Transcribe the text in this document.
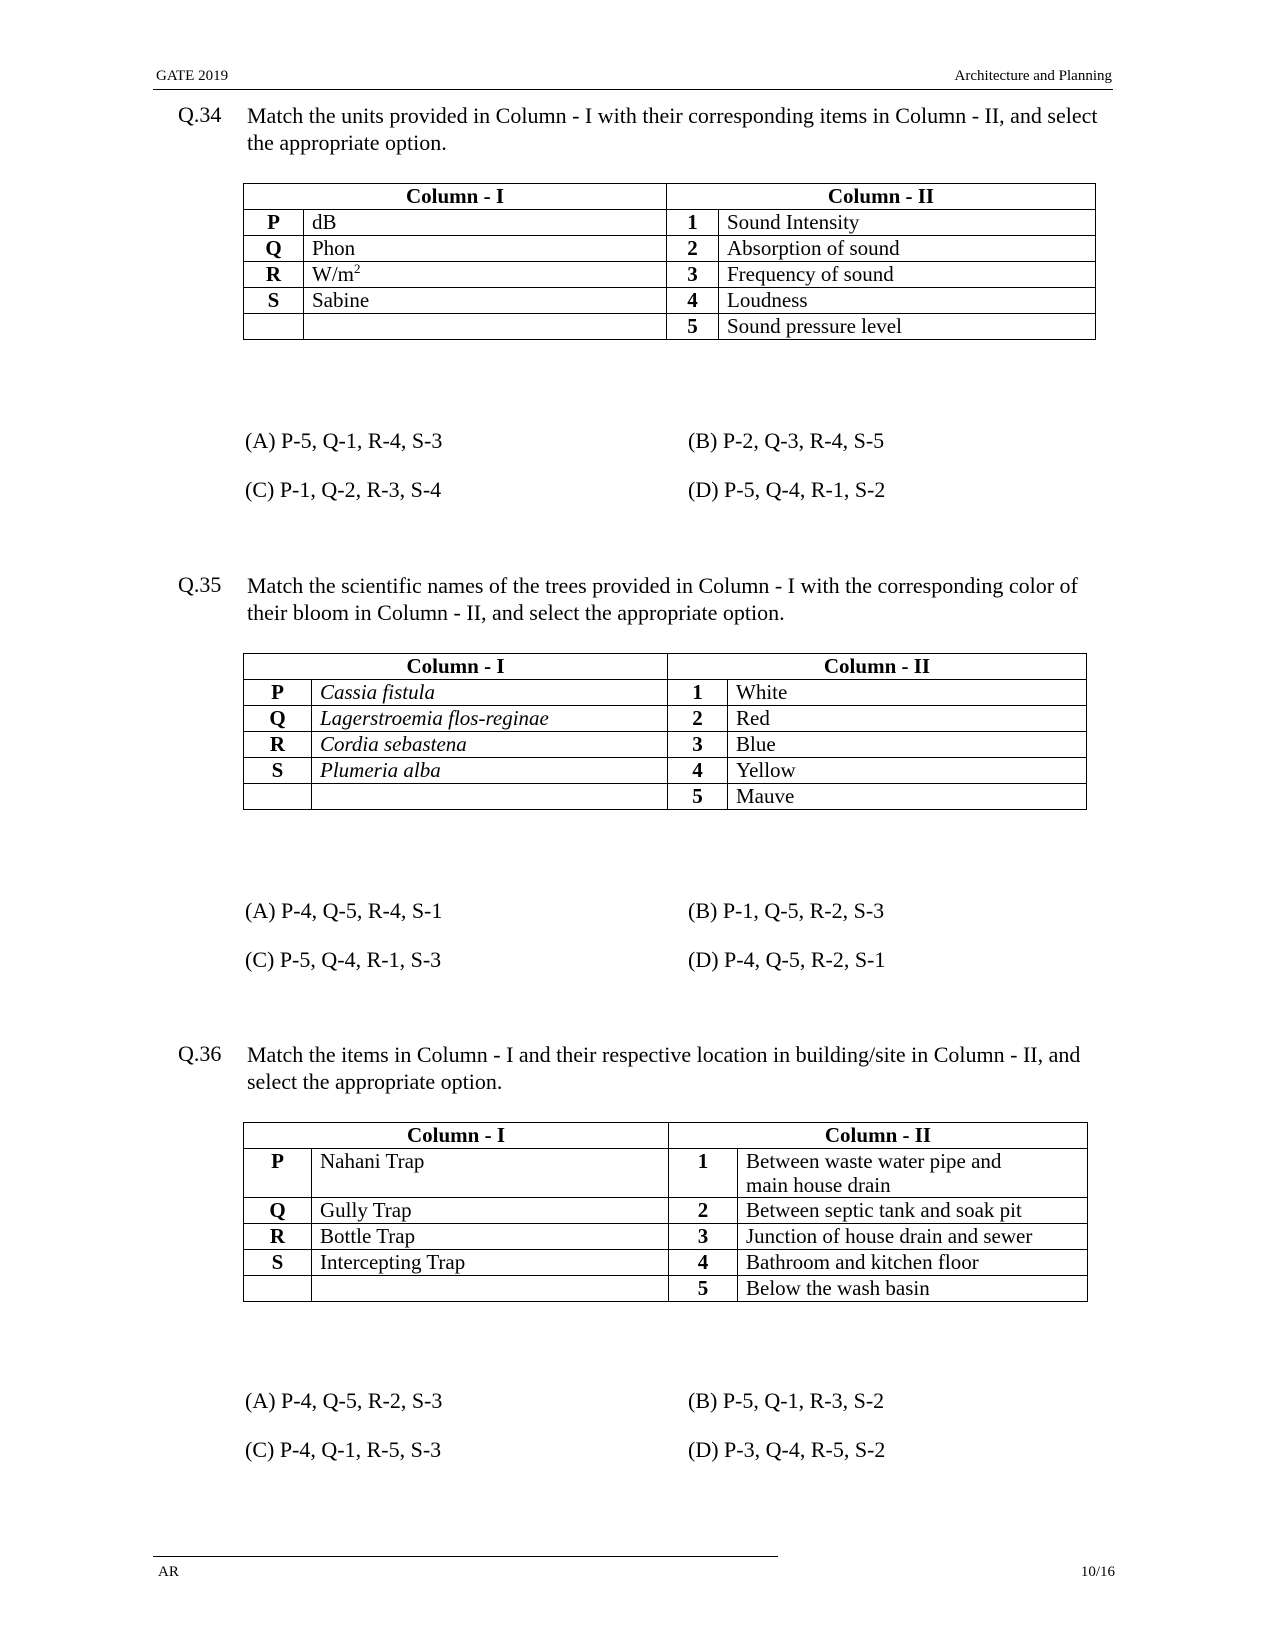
GATE 2019	Architecture and Planning
Q.34 Match the units provided in Column - I with their corresponding items in Column - II, and select the appropriate option.
Column - I		Column - II	
P	dB	1	Sound Intensity
Q	Phon	2	Absorption of sound
R	$W/m^2$	3	Frequency of sound
S	Sabine	4	Loudness
		5	Sound pressure level
(A) P-5, Q-1, R-4, S-3	(B) P-2, Q-3, R-4, S-5
(C) P-1, Q-2, R-3, S-4	(D) P-5, Q-4, R-1, S-2
Q.35 Match the scientific names of the trees provided in Column - I with the corresponding color of their bloom in Column - II, and select the appropriate option.
Column - I		Column - II	
P	Cassia fistula	1	White
Q	Lagerstroemia flos-reginae	2	Red
R	Cordia sebastena	3	Blue
S	Plumeria alba	4	Yellow
		5	Mauve
(A) P-4, Q-5, R-4, S-1	(B) P-1, Q-5, R-2, S-3
(C) P-5, Q-4, R-1, S-3	(D) P-4, Q-5, R-2, S-1
Q.36 Match the items in Column - I and their respective location in building/site in Column - II, and select the appropriate option.
Column - I		Column - II	
P	Nahani Trap	1	Between waste water pipe and
main house drain

Q	Gully Trap	2	Between septic tank and soak pit
R	Bottle Trap	3	Junction of house drain and sewer
S	Intercepting Trap	4	Bathroom and kitchen floor
		5	Below the wash basin
(A) P-4, Q-5, R-2, S-3	(B) P-5, Q-1, R-3, S-2
(C) P-4, Q-1, R-5, S-3	(D) P-3, Q-4, R-5, S-2
AR	10/16
